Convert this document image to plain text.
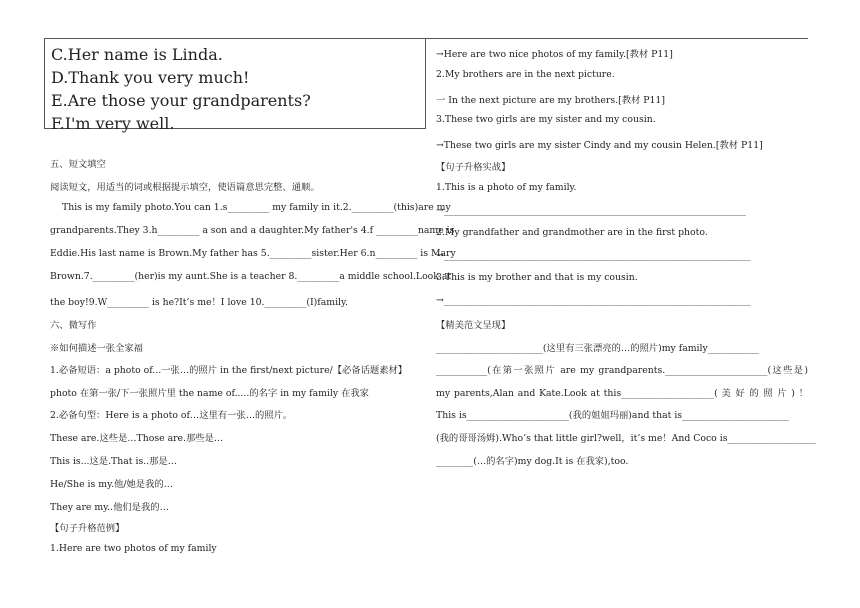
C.Her name is Linda.
D.Thank you very much!
E.Are those your grandparents?
F.I'm very well.
五、短文填空
阅读短文，用适当的词或根据提示填空，使语篇意思完整、通顺。
This is my family photo.You can 1.s_________ my family in it.2._________(this)are my
grandparents.They 3.h_________ a son and a daughter.My father's 4.f _________name is
Eddie.His last name is Brown.My father has 5._________sister.Her 6.n_________ is Mary
Brown.7._________(her)is my aunt.She is a teacher 8._________a middle school.Look at
the boy!9.W_________ is he?It’s me！I love 10._________(I)family.
六、微写作
※如何描述一张全家福
1.必备短语：a photo of...一张…的照片 in the first/next picture/【必备话题素材】
photo 在第一张/下一张照片里 the name of.....的名字 in my family 在我家
2.必备句型：Here is a photo of…这里有一张…的照片。
These are.这些是…Those are.那些是…
This is...这是.That is..那是…
He/She is my.他/她是我的…
They are my..他们是我的…
【句子升格范例】
1.Here are two photos of my family
→Here are two nice photos of my family.[教材 P11]
2.My brothers are in the next picture.
一 In the next picture are my brothers.[教材 P11]
3.These two girls are my sister and my cousin.
→These two girls are my sister Cindy and my cousin Helen.[教材 P11]
【句子升格实战】
1.This is a photo of my family.
→_________________________________________________________________
2.My grandfather and grandmother are in the first photo.
→__________________________________________________________________
3.This is my brother and that is my cousin.
→__________________________________________________________________
【精美范文呈现】
_______________________(这里有三张漂亮的…的照片)my family___________
___________(在第一张照片 are my grandparents.______________________(这些是)
my parents,Alan and Kate.Look at this____________________( 美 好 的 照 片 ) ！
This is______________________(我的姐姐玛丽)and that is_______________________
(我的哥哥汤姆).Who’s that little girl?well，it’s me！And Coco is___________________
________(…的名字)my dog.It is 在我家),too.
